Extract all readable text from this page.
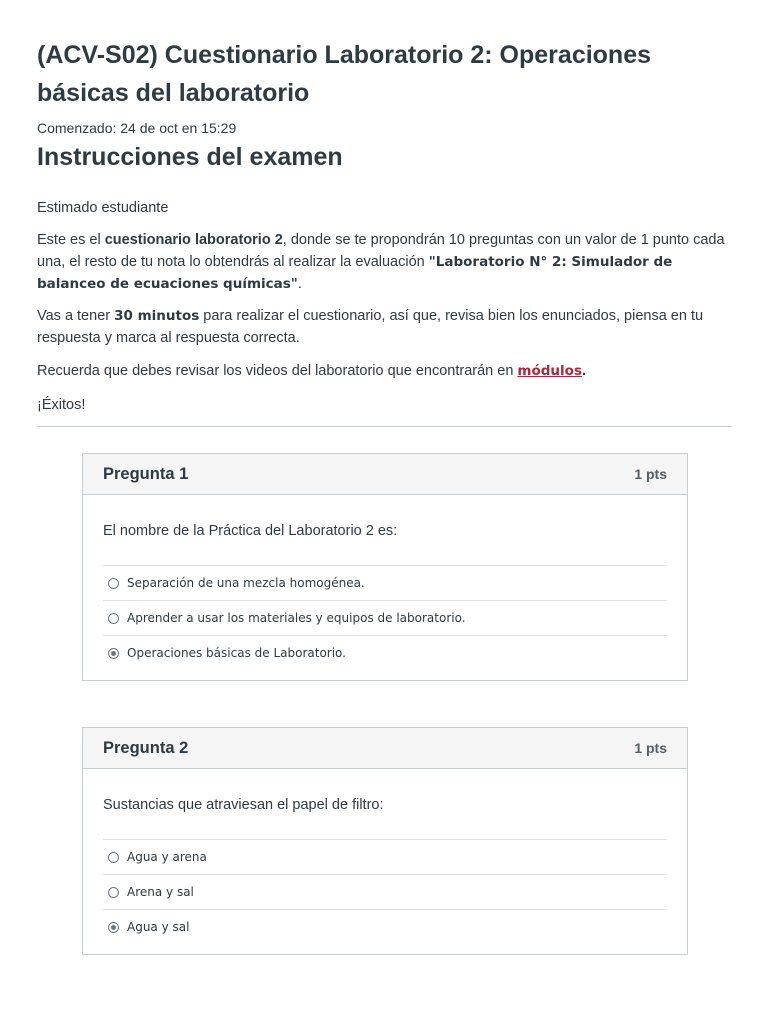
(ACV-S02) Cuestionario Laboratorio 2: Operaciones básicas del laboratorio
Comenzado: 24 de oct en 15:29
Instrucciones del examen
Estimado estudiante
Este es el cuestionario laboratorio 2, donde se te propondrán 10 preguntas con un valor de 1 punto cada una, el resto de tu nota lo obtendrás al realizar la evaluación "Laboratorio N° 2: Simulador de balanceo de ecuaciones químicas".
Vas a tener 30 minutos para realizar el cuestionario, así que, revisa bien los enunciados, piensa en tu respuesta y marca al respuesta correcta.
Recuerda que debes revisar los videos del laboratorio que encontrarán en módulos.
¡Éxitos!
Pregunta 1	1 pts
El nombre de la Práctica del Laboratorio 2 es:
Separación de una mezcla homogénea.
Aprender a usar los materiales y equipos de laboratorio.
Operaciones básicas de Laboratorio.
Pregunta 2	1 pts
Sustancias que atraviesan el papel de filtro:
Agua y arena
Arena y sal
Agua y sal
